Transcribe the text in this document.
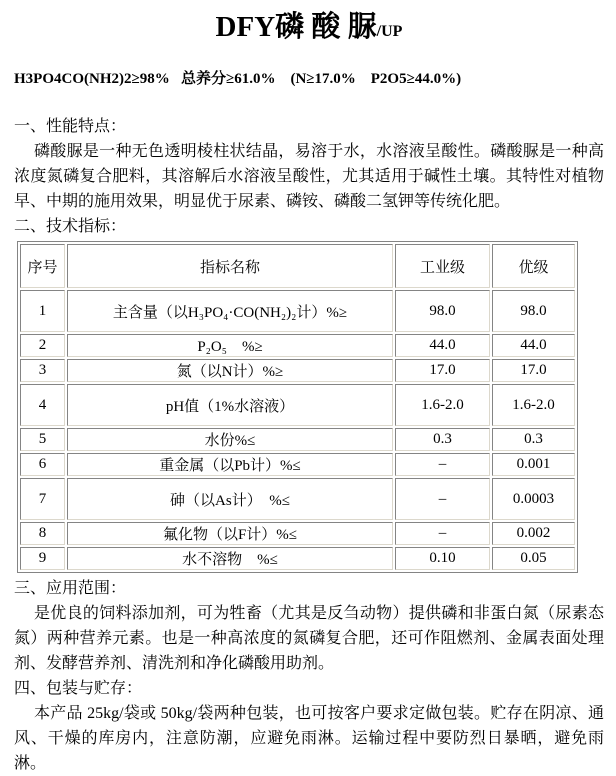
DFY磷 酸 脲/UP
H3PO4CO(NH2)2≥98%   总养分≥61.0%    (N≥17.0%    P2O5≥44.0%)
一、性能特点：

磷酸脲是一种无色透明棱柱状结晶，易溶于水，水溶液呈酸性。磷酸脲是一种高浓度氮磷复合肥料，其溶解后水溶液呈酸性，尤其适用于碱性土壤。其特性对植物早、中期的施用效果，明显优于尿素、磷铵、磷酸二氢钾等传统化肥。

二、技术指标：
序号	指标名称	工业级	优级
1	主含量（以H₃PO₄·CO(NH₂)₂计）%≥	98.0	98.0
2	P₂O₅　%≥	44.0	44.0
3	氮（以N计）%≥	17.0	17.0
4	pH值（1%水溶液）	1.6-2.0	1.6-2.0
5	水份%≤	0.3	0.3
6	重金属（以Pb计）%≤	–	0.001
7	砷（以As计）　%≤	–	0.0003
8	氟化物（以F计）%≤	–	0.002
9	水不溶物　%≤	0.10	0.05
三、应用范围：

是优良的饲料添加剂，可为牲畜（尤其是反刍动物）提供磷和非蛋白氮（尿素态氮）两种营养元素。也是一种高浓度的氮磷复合肥，还可作阻燃剂、金属表面处理剂、发酵营养剂、清洗剂和净化磷酸用助剂。

四、包装与贮存：

本产品 25kg/袋或 50kg/袋两种包装，也可按客户要求定做包装。贮存在阴凉、通风、干燥的库房内，注意防潮，应避免雨淋。运输过程中要防烈日暴晒，避免雨淋。
